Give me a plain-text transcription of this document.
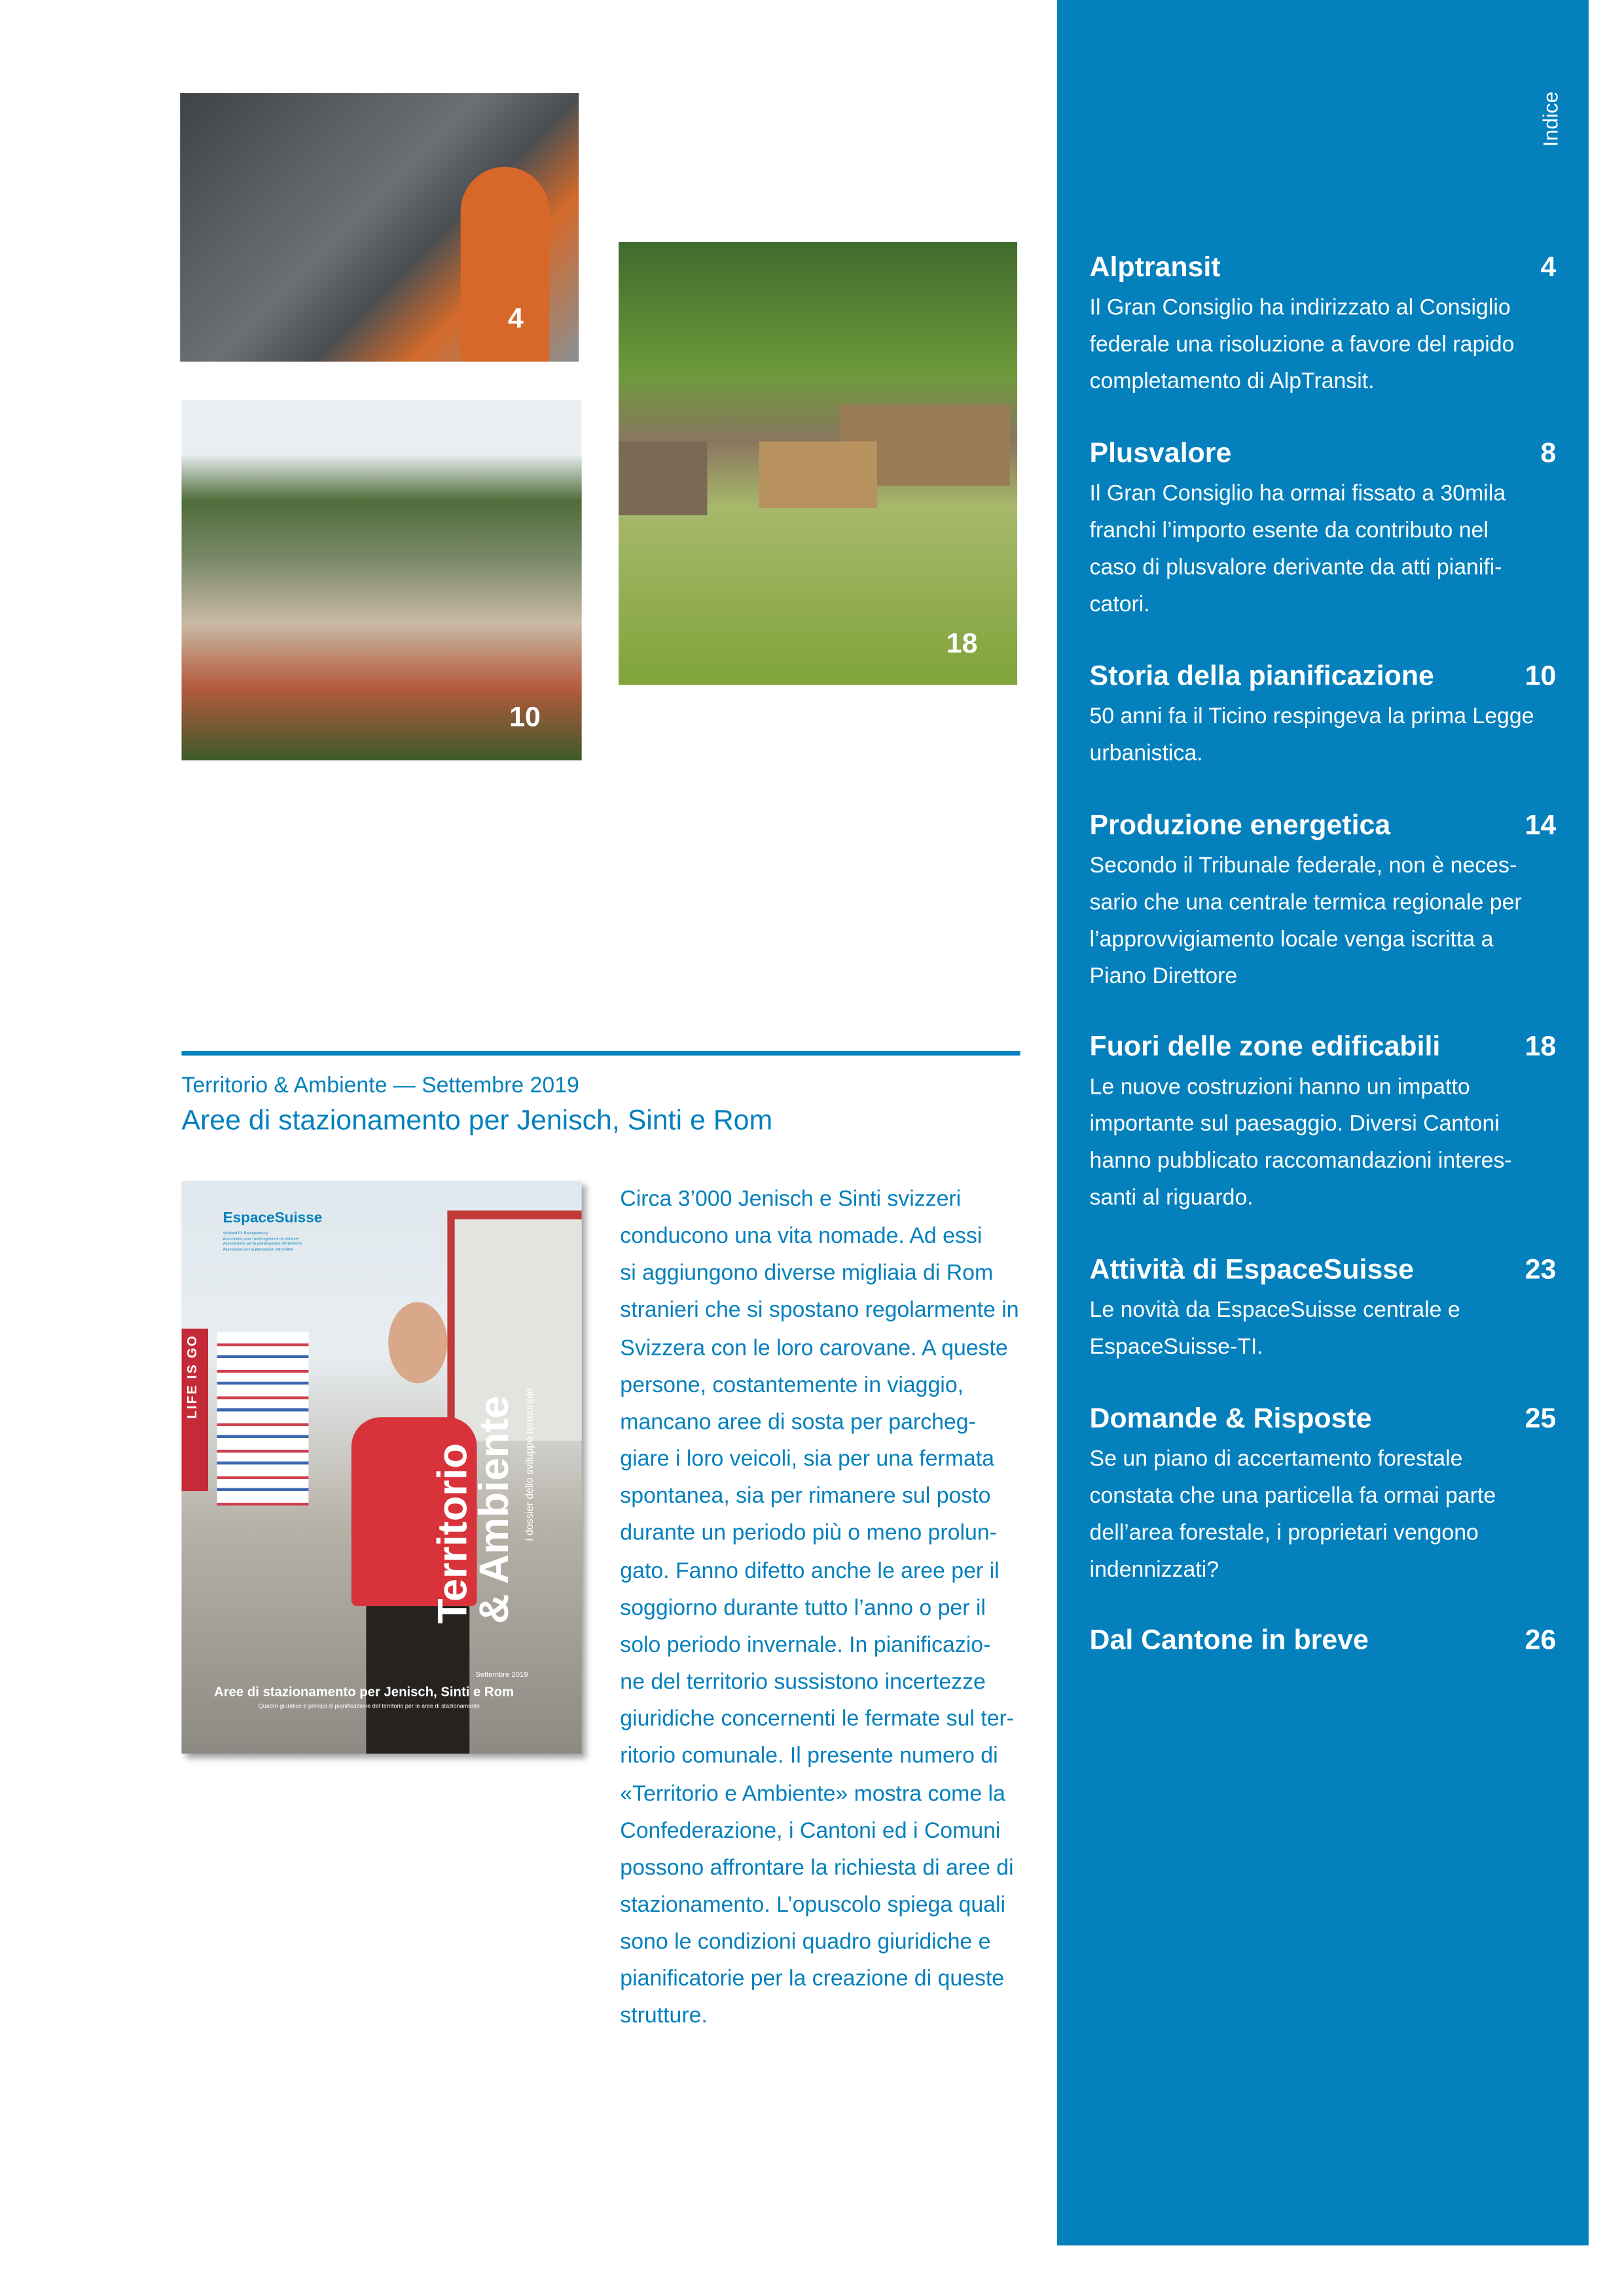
4
10
18
Territorio & Ambiente — Settembre 2019
Aree di stazionamento per Jenisch, Sinti e Rom
LIFE IS GO
EspaceSuisse
Verband für Raumplanung
Association pour l’aménagement du territoire
Associazione per la pianificazione del territorio
Associaziun per la planisaziun dal territori
Territorio
& Ambiente I dossier dello sviluppo territoriale
Settembre 2019
Aree di stazionamento per Jenisch, Sinti e Rom
Quadro giuridico e principi di pianificazione del territorio per le aree di stazionamento
Circa 3’000 Jenisch e Sinti svizzeri
conducono una vita nomade. Ad essi
si aggiungono diverse migliaia di Rom
stranieri che si spostano regolarmente in
Svizzera con le loro carovane. A queste
persone, costantemente in viaggio,
mancano aree di sosta per parcheg-
giare i loro veicoli, sia per una fermata
spontanea, sia per rimanere sul posto
durante un periodo più o meno prolun-
gato. Fanno difetto anche le aree per il
soggiorno durante tutto l’anno o per il
solo periodo invernale. In pianificazio-
ne del territorio sussistono incertezze
giuridiche concernenti le fermate sul ter-
ritorio comunale. Il presente numero di
«Territorio e Ambiente» mostra come la
Confederazione, i Cantoni ed i Comuni
possono affrontare la richiesta di aree di
stazionamento. L’opuscolo spiega quali
sono le condizioni quadro giuridiche e
pianificatorie per la creazione di queste
strutture.
Indice
Alptransit	4
Il Gran Consiglio ha indirizzato al Consiglio
federale una risoluzione a favore del rapido
completamento di AlpTransit.
Plusvalore	8
Il Gran Consiglio ha ormai fissato a 30mila
franchi l’importo esente da contributo nel
caso di plusvalore derivante da atti pianifi-
catori.
Storia della pianificazione	10
50 anni fa il Ticino respingeva la prima Legge
urbanistica.
Produzione energetica	14
Secondo il Tribunale federale, non è neces-
sario che una centrale termica regionale per
l’approvvigiamento locale venga iscritta a
Piano Direttore
Fuori delle zone edificabili	18
Le nuove costruzioni hanno un impatto
importante sul paesaggio. Diversi Cantoni
hanno pubblicato raccomandazioni interes-
santi al riguardo.
Attività di EspaceSuisse	23
Le novità da EspaceSuisse centrale e
EspaceSuisse-TI.
Domande & Risposte	25
Se un piano di accertamento forestale
constata che una particella fa ormai parte
dell’area forestale, i proprietari vengono
indennizzati?
Dal Cantone in breve	26
